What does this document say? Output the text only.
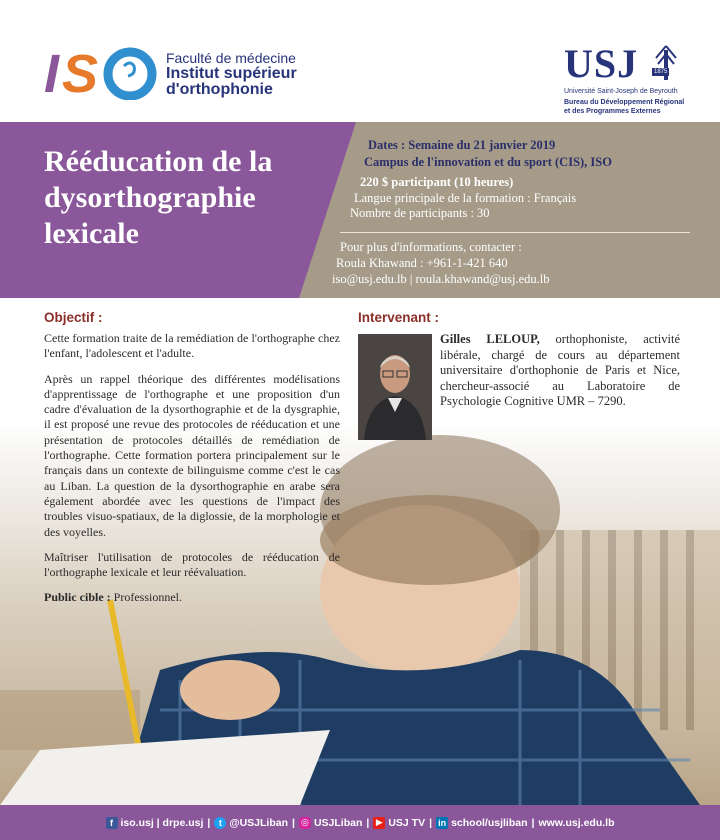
I S	Faculté de médecine
Institut supérieur
d'orthophonie
USJ	1875
Université Saint-Joseph de Beyrouth
Bureau du Développement Régional
et des Programmes Externes
Rééducation de la
dysorthographie
lexicale
Dates : Semaine du 21 janvier 2019
Campus de l'innovation et du sport (CIS), ISO
220 $ participant (10 heures)
Langue principale de la formation : Français
Nombre de participants : 30
Pour plus d'informations, contacter :
Roula Khawand : +961-1-421 640
iso@usj.edu.lb | roula.khawand@usj.edu.lb
Objectif :

Cette formation traite de la remédiation de l'orthographe chez l'enfant, l'adolescent et l'adulte.

Après un rappel théorique des différentes modélisations d'apprentissage de l'orthographe et une proposition d'un cadre d'évaluation de la dysorthographie et de la dysgraphie, il est proposé une revue des protocoles de rééducation et une présentation de protocoles détaillés de remédiation de l'orthographe. Cette formation portera principalement sur le français dans un contexte de bilinguisme comme c'est le cas au Liban. La question de la dysorthographie en arabe sera également abordée avec les questions de l'impact des troubles visuo-spatiaux, de la diglossie, de la morphologie et des voyelles.

Maîtriser l'utilisation de protocoles de rééducation de l'orthographe lexicale et leur réévaluation.

Public cible : Professionnel.

Intervenant :

Gilles LELOUP, orthophoniste, activité libérale, chargé de cours au département universitaire d'orthophonie de Paris et Nice, chercheur-associé au Laboratoire de Psychologie Cognitive UMR – 7290.

f iso.usj | drpe.usj | t @USJLiban | ◎ USJLiban | ▶ USJ TV | in school/usjliban | www.usj.edu.lb
